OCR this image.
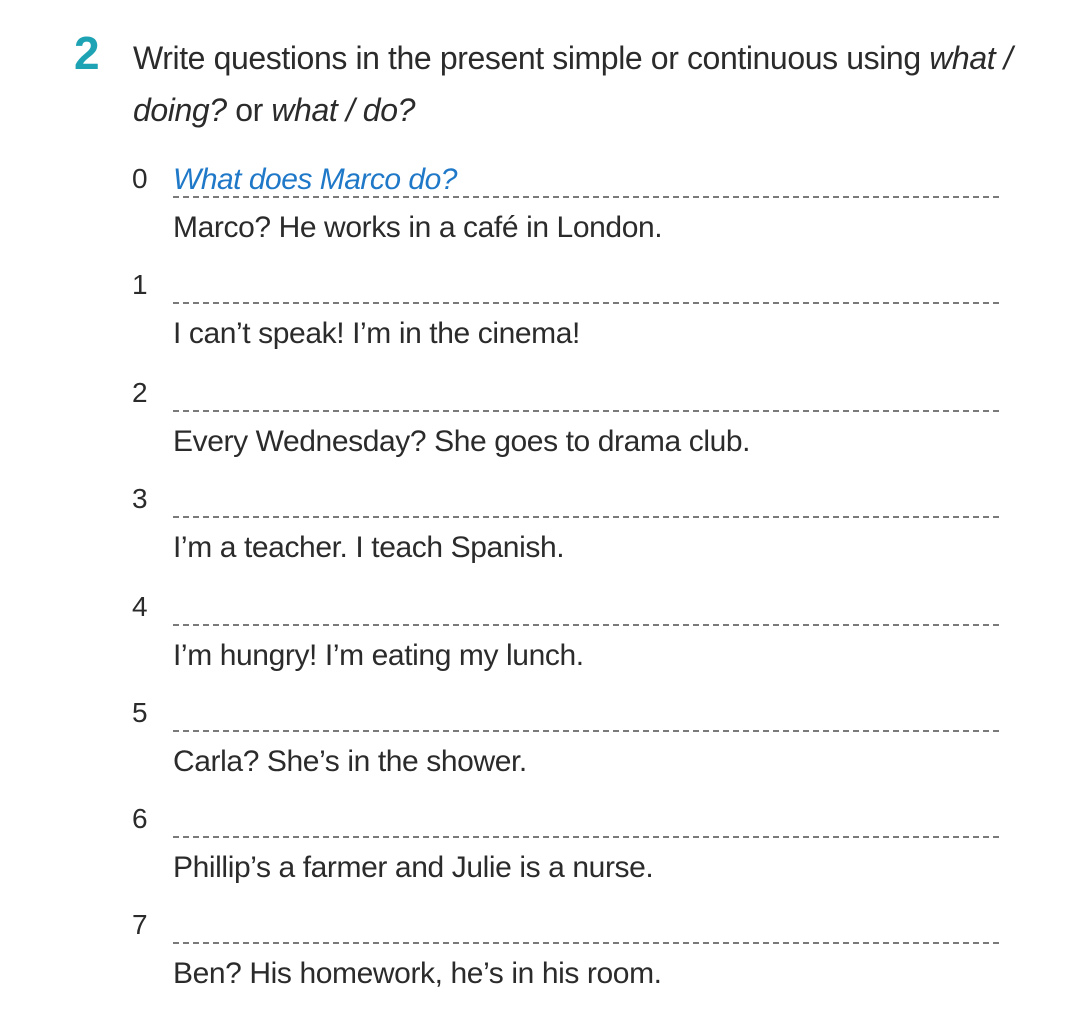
2 Write questions in the present simple or continuous using what / doing? or what / do?
0 What does Marco do?
Marco? He works in a café in London.
1
I can’t speak! I’m in the cinema!
2
Every Wednesday? She goes to drama club.
3
I’m a teacher. I teach Spanish.
4
I’m hungry! I’m eating my lunch.
5
Carla? She’s in the shower.
6
Phillip’s a farmer and Julie is a nurse.
7
Ben? His homework, he’s in his room.
